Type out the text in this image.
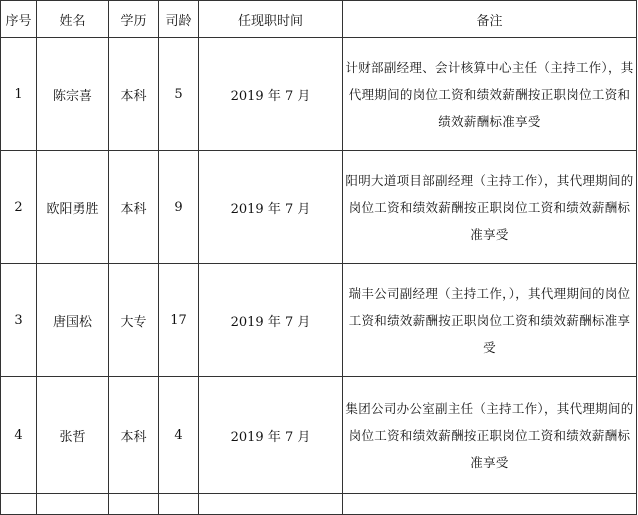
序号	姓名	学历	司龄	任现职时间	备注
1	陈宗喜	本科	5	2019 年 7 月	计财部副经理、会计核算中心主任（主持工作），其代理期间的岗位工资和绩效薪酬按正职岗位工资和绩效薪酬标准享受
2	欧阳勇胜	本科	9	2019 年 7 月	阳明大道项目部副经理（主持工作），其代理期间的岗位工资和绩效薪酬按正职岗位工资和绩效薪酬标准享受
3	唐国松	大专	17	2019 年 7 月	瑞丰公司副经理（主持工作，），其代理期间的岗位工资和绩效薪酬按正职岗位工资和绩效薪酬标准享受
4	张哲	本科	4	2019 年 7 月	集团公司办公室副主任（主持工作），其代理期间的岗位工资和绩效薪酬按正职岗位工资和绩效薪酬标准享受
